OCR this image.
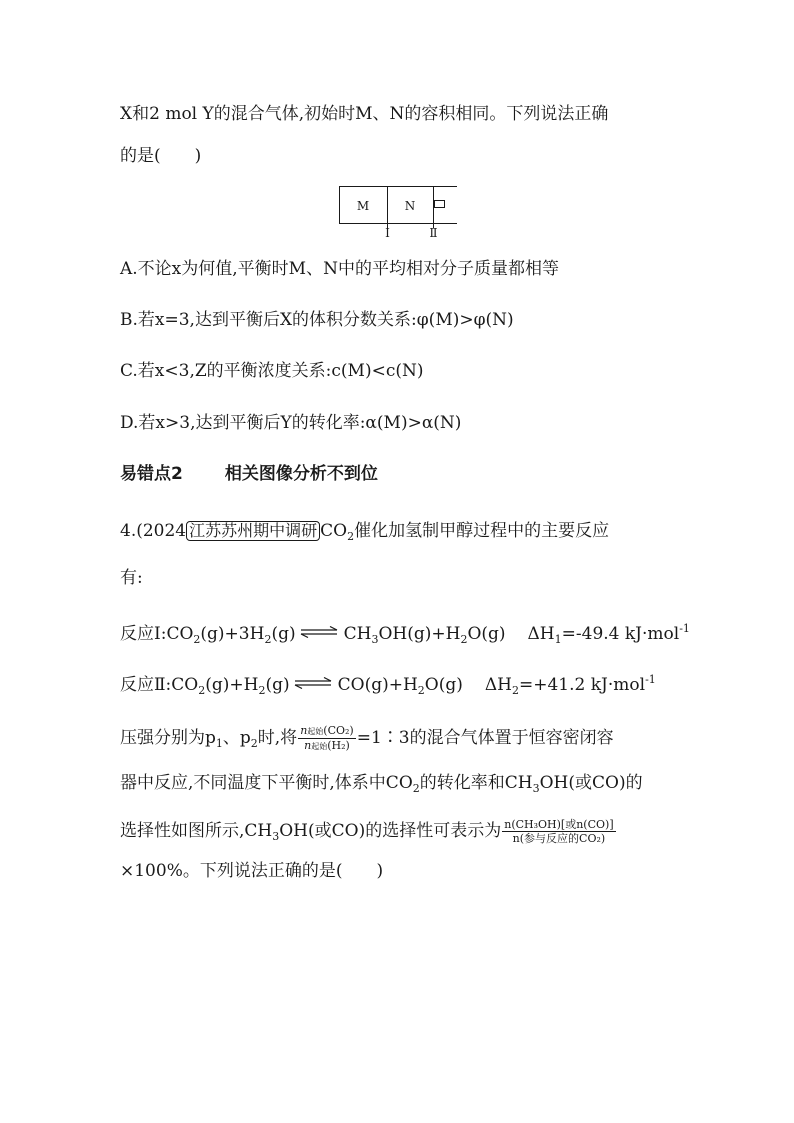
X和2 mol Y的混合气体,初始时M、N的容积相同。下列说法正确
的是(　　)
M	N
Ⅰ	Ⅱ
A.不论x为何值,平衡时M、N中的平均相对分子质量都相等
B.若x=3,达到平衡后X的体积分数关系:φ(M)>φ(N)
C.若x<3,Z的平衡浓度关系:c(M)<c(N)
D.若x>3,达到平衡后Y的转化率:α(M)>α(N)
易错点2 相关图像分析不到位
4.(2024 江苏苏州期中调研 $CO_2$催化加氢制甲醇过程中的主要反应
有:
反应$Ⅰ:CO_2(g)+3H_2(g)$ ⇌ $CH_3OH(g)+H_2O(g)$ $\Delta H_1=-49.4$ kJ·mol$^{-1}$
反应$Ⅱ:CO_2(g)+H_2(g)$ ⇌ $CO(g)+H_2O(g)$ $\Delta H_2=+41.2$ kJ·mol$^{-1}$
压强分别为$p_1$、$p_2$时,将 $\frac{\text{n起始(CO₂)}}{\text{n起始(H₂)}}$ =1∶3的混合气体置于恒容密闭容
器中反应,不同温度下平衡时,体系中$CO_2$的转化率和$CH_3OH$(或CO)的
选择性如图所示$,CH_3OH$(或CO)的选择性可表示为 $\frac{\text{n(CH₃OH)[或n(CO)]}}{\text{n(参与反应的CO₂)}}$
×100%。下列说法正确的是(　　)
